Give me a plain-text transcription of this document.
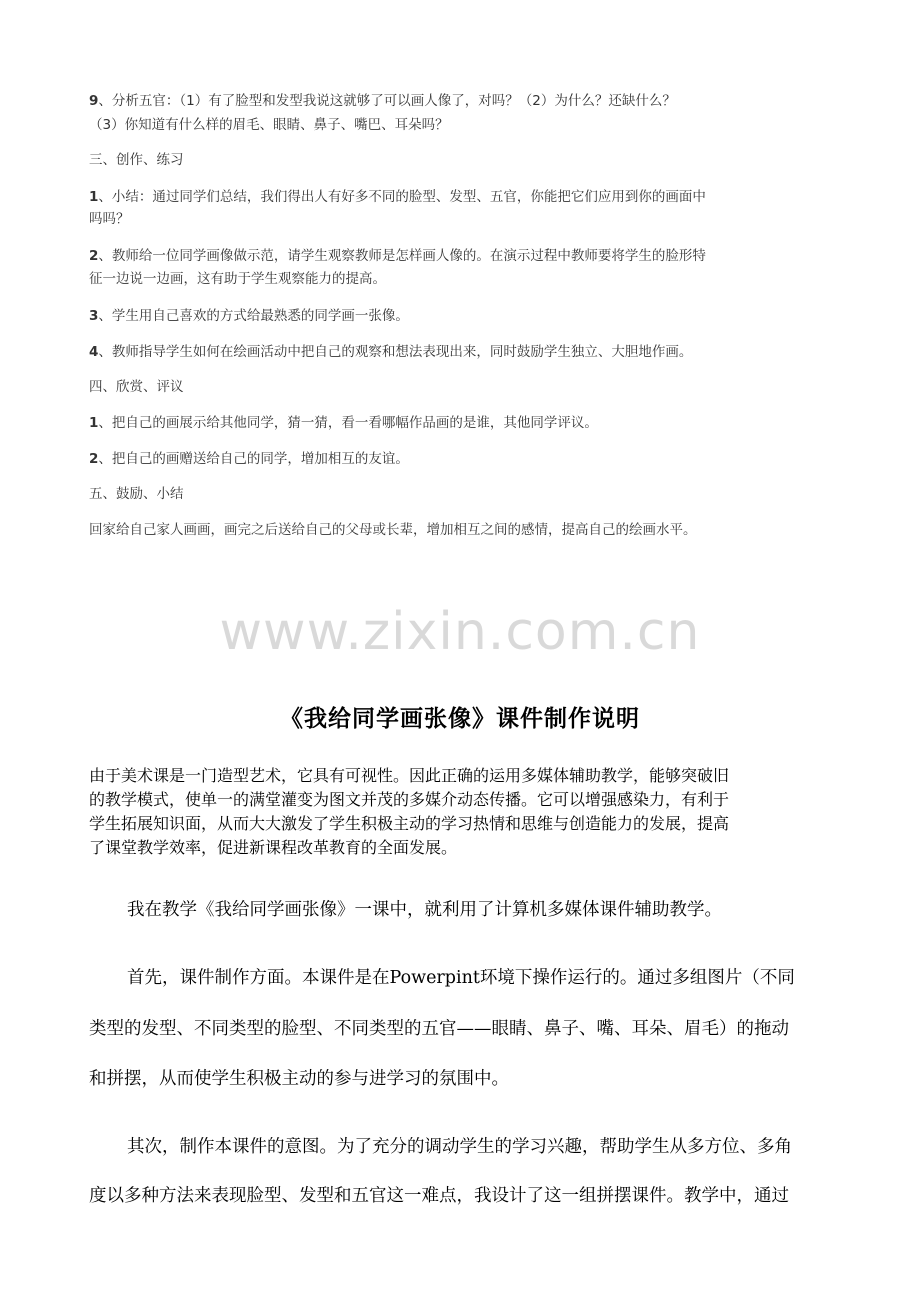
9、分析五官：（1）有了脸型和发型我说这就够了可以画人像了，对吗？（2）为什么？还缺什么？
（3）你知道有什么样的眉毛、眼睛、鼻子、嘴巴、耳朵吗？
三、创作、练习
1、小结：通过同学们总结，我们得出人有好多不同的脸型、发型、五官，你能把它们应用到你的画面中
吗吗？
2、教师给一位同学画像做示范，请学生观察教师是怎样画人像的。在演示过程中教师要将学生的脸形特
征一边说一边画，这有助于学生观察能力的提高。
3、学生用自己喜欢的方式给最熟悉的同学画一张像。
4、教师指导学生如何在绘画活动中把自己的观察和想法表现出来，同时鼓励学生独立、大胆地作画。
四、欣赏、评议
1、把自己的画展示给其他同学，猜一猜，看一看哪幅作品画的是谁，其他同学评议。
2、把自己的画赠送给自己的同学，增加相互的友谊。
五、鼓励、小结
回家给自己家人画画，画完之后送给自己的父母或长辈，增加相互之间的感情，提高自己的绘画水平。
www.zixin.com.cn
《我给同学画张像》课件制作说明
由于美术课是一门造型艺术，它具有可视性。因此正确的运用多媒体辅助教学，能够突破旧
的教学模式，使单一的满堂灌变为图文并茂的多媒介动态传播。它可以增强感染力，有利于
学生拓展知识面，从而大大激发了学生积极主动的学习热情和思维与创造能力的发展，提高
了课堂教学效率，促进新课程改革教育的全面发展。
我在教学《我给同学画张像》一课中，就利用了计算机多媒体课件辅助教学。
首先，课件制作方面。本课件是在Powerpint环境下操作运行的。通过多组图片（不同
类型的发型、不同类型的脸型、不同类型的五官——眼睛、鼻子、嘴、耳朵、眉毛）的拖动
和拼摆，从而使学生积极主动的参与进学习的氛围中。
其次，制作本课件的意图。为了充分的调动学生的学习兴趣，帮助学生从多方位、多角
度以多种方法来表现脸型、发型和五官这一难点，我设计了这一组拼摆课件。教学中，通过
